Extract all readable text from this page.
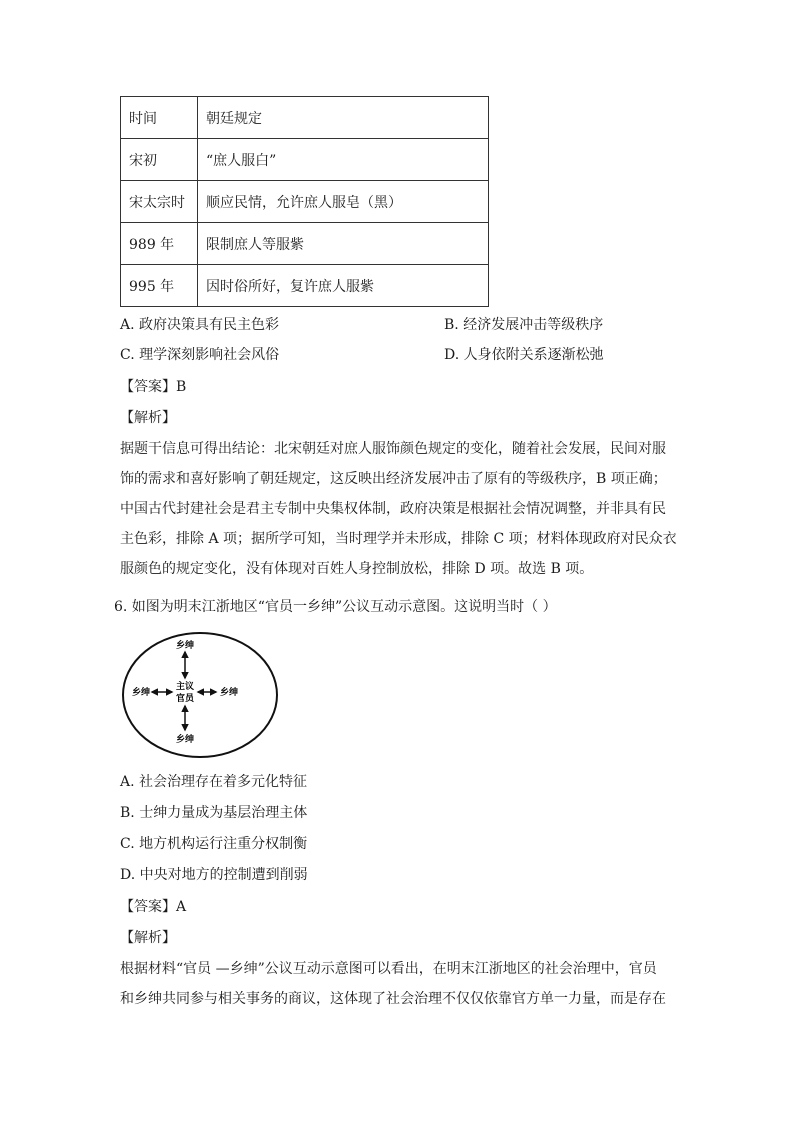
时间	朝廷规定
宋初	“庶人服白”
宋太宗时	顺应民情，允许庶人服皂（黑）
989 年	限制庶人等服紫
995 年	因时俗所好，复许庶人服紫
A. 政府决策具有民主色彩	B. 经济发展冲击等级秩序
C. 理学深刻影响社会风俗	D. 人身依附关系逐渐松弛
【答案】B
【解析】
据题干信息可得出结论：北宋朝廷对庶人服饰颜色规定的变化，随着社会发展，民间对服
饰的需求和喜好影响了朝廷规定，这反映出经济发展冲击了原有的等级秩序，B 项正确；
中国古代封建社会是君主专制中央集权体制，政府决策是根据社会情况调整，并非具有民
主色彩，排除 A 项；据所学可知，当时理学并未形成，排除 C 项；材料体现政府对民众衣
服颜色的规定变化，没有体现对百姓人身控制放松，排除 D 项。故选 B 项。
6. 如图为明末江浙地区“官员一乡绅”公议互动示意图。这说明当时（ ）
乡绅
乡绅	乡绅
乡绅
主议
官员
A. 社会治理存在着多元化特征
B. 士绅力量成为基层治理主体
C. 地方机构运行注重分权制衡
D. 中央对地方的控制遭到削弱
【答案】A
【解析】
根据材料“官员 —乡绅”公议互动示意图可以看出，在明末江浙地区的社会治理中，官员
和乡绅共同参与相关事务的商议，这体现了社会治理不仅仅依靠官方单一力量，而是存在
